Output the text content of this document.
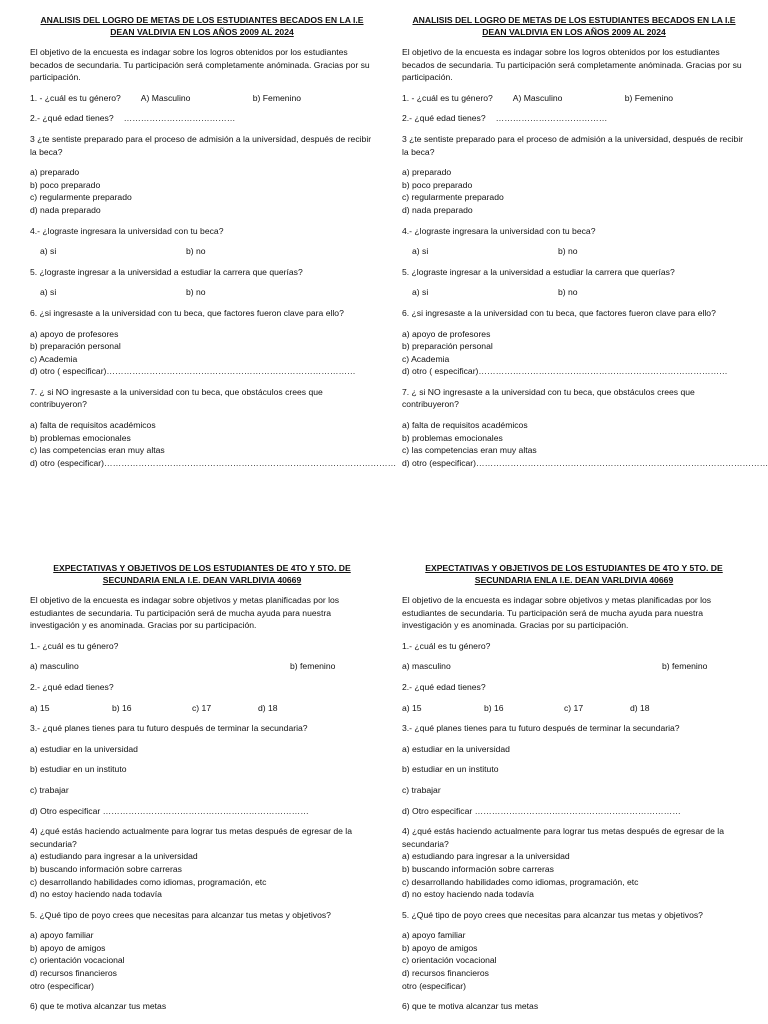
ANALISIS DEL LOGRO DE METAS DE LOS ESTUDIANTES BECADOS EN LA I.E DEAN VALDIVIA EN LOS AÑOS 2009 AL 2024
El objetivo de la encuesta es indagar sobre los logros obtenidos por los estudiantes becados de secundaria. Tu participación será completamente anóminada. Gracias por su participación.
1. - ¿cuál es tu género? A) Masculino	b) Femenino
2.- ¿qué edad tienes? …………………………………
3 ¿te sentiste preparado para el proceso de admisión a la universidad, después de recibir la beca?
a) preparado
b) poco preparado
c) regularmente preparado
d) nada preparado
4.- ¿lograste ingresara la universidad con tu beca?
a) si	b) no
5. ¿lograste ingresar a la universidad a estudiar la carrera que querías?
a) si	b) no
6. ¿si ingresaste a la universidad con tu beca, que factores fueron clave para ello?
a) apoyo de profesores
b) preparación personal
c) Academia
d) otro ( especificar)……………………………………………………………………………
7. ¿ si NO ingresaste a la universidad con tu beca, que obstáculos crees que contribuyeron?
a) falta de requisitos académicos
b) problemas emocionales
c) las competencias eran muy altas
d) otro (especificar)…………………………………………………………………………………………
ANALISIS DEL LOGRO DE METAS DE LOS ESTUDIANTES BECADOS EN LA I.E DEAN VALDIVIA EN LOS AÑOS 2009 AL 2024
El objetivo de la encuesta es indagar sobre los logros obtenidos por los estudiantes becados de secundaria. Tu participación será completamente anóminada. Gracias por su participación.
1. - ¿cuál es tu género? A) Masculino	b) Femenino
2.- ¿qué edad tienes? …………………………………
3 ¿te sentiste preparado para el proceso de admisión a la universidad, después de recibir la beca?
a) preparado
b) poco preparado
c) regularmente preparado
d) nada preparado
4.- ¿lograste ingresara la universidad con tu beca?
a) si	b) no
5. ¿lograste ingresar a la universidad a estudiar la carrera que querías?
a) si	b) no
6. ¿si ingresaste a la universidad con tu beca, que factores fueron clave para ello?
a) apoyo de profesores
b) preparación personal
c) Academia
d) otro ( especificar)……………………………………………………………………………
7. ¿ si NO ingresaste a la universidad con tu beca, que obstáculos crees que contribuyeron?
a) falta de requisitos académicos
b) problemas emocionales
c) las competencias eran muy altas
d) otro (especificar)…………………………………………………………………………………………
EXPECTATIVAS Y OBJETIVOS DE LOS ESTUDIANTES DE 4TO Y 5TO. DE SECUNDARIA ENLA I.E. DEAN VARLDIVIA 40669
El objetivo de la encuesta es indagar sobre objetivos y metas planificadas por los estudiantes de secundaria. Tu participación será de mucha ayuda para nuestra investigación y es anominada. Gracias por su participación.
1.- ¿cuál es tu género?
a) masculino	b) femenino
2.- ¿qué edad tienes?
a) 15	b) 16	c) 17	d) 18
3.- ¿qué planes tienes para tu futuro después de terminar la secundaria?
a) estudiar en la universidad
b) estudiar en un instituto
c) trabajar
d) Otro especificar ………………………………………………………………
4) ¿qué estás haciendo actualmente para lograr tus metas después de egresar de la secundaria?
a) estudiando para ingresar a la universidad
b) buscando información sobre carreras
c) desarrollando habilidades como idiomas, programación, etc
d) no estoy haciendo nada todavía
5. ¿Qué tipo de poyo crees que necesitas para alcanzar tus metas y objetivos?
a) apoyo familiar
b) apoyo de amigos
c) orientación vocacional
d) recursos financieros
otro (especificar)
6) que te motiva alcanzar tus metas
EXPECTATIVAS Y OBJETIVOS DE LOS ESTUDIANTES DE 4TO Y 5TO. DE SECUNDARIA ENLA I.E. DEAN VARLDIVIA 40669
El objetivo de la encuesta es indagar sobre objetivos y metas planificadas por los estudiantes de secundaria. Tu participación será de mucha ayuda para nuestra investigación y es anominada. Gracias por su participación.
1.- ¿cuál es tu género?
a) masculino	b) femenino
2.- ¿qué edad tienes?
a) 15	b) 16	c) 17	d) 18
3.- ¿qué planes tienes para tu futuro después de terminar la secundaria?
a) estudiar en la universidad
b) estudiar en un instituto
c) trabajar
d) Otro especificar ………………………………………………………………
4) ¿qué estás haciendo actualmente para lograr tus metas después de egresar de la secundaria?
a) estudiando para ingresar a la universidad
b) buscando información sobre carreras
c) desarrollando habilidades como idiomas, programación, etc
d) no estoy haciendo nada todavía
5. ¿Qué tipo de poyo crees que necesitas para alcanzar tus metas y objetivos?
a) apoyo familiar
b) apoyo de amigos
c) orientación vocacional
d) recursos financieros
otro (especificar)
6) que te motiva alcanzar tus metas
